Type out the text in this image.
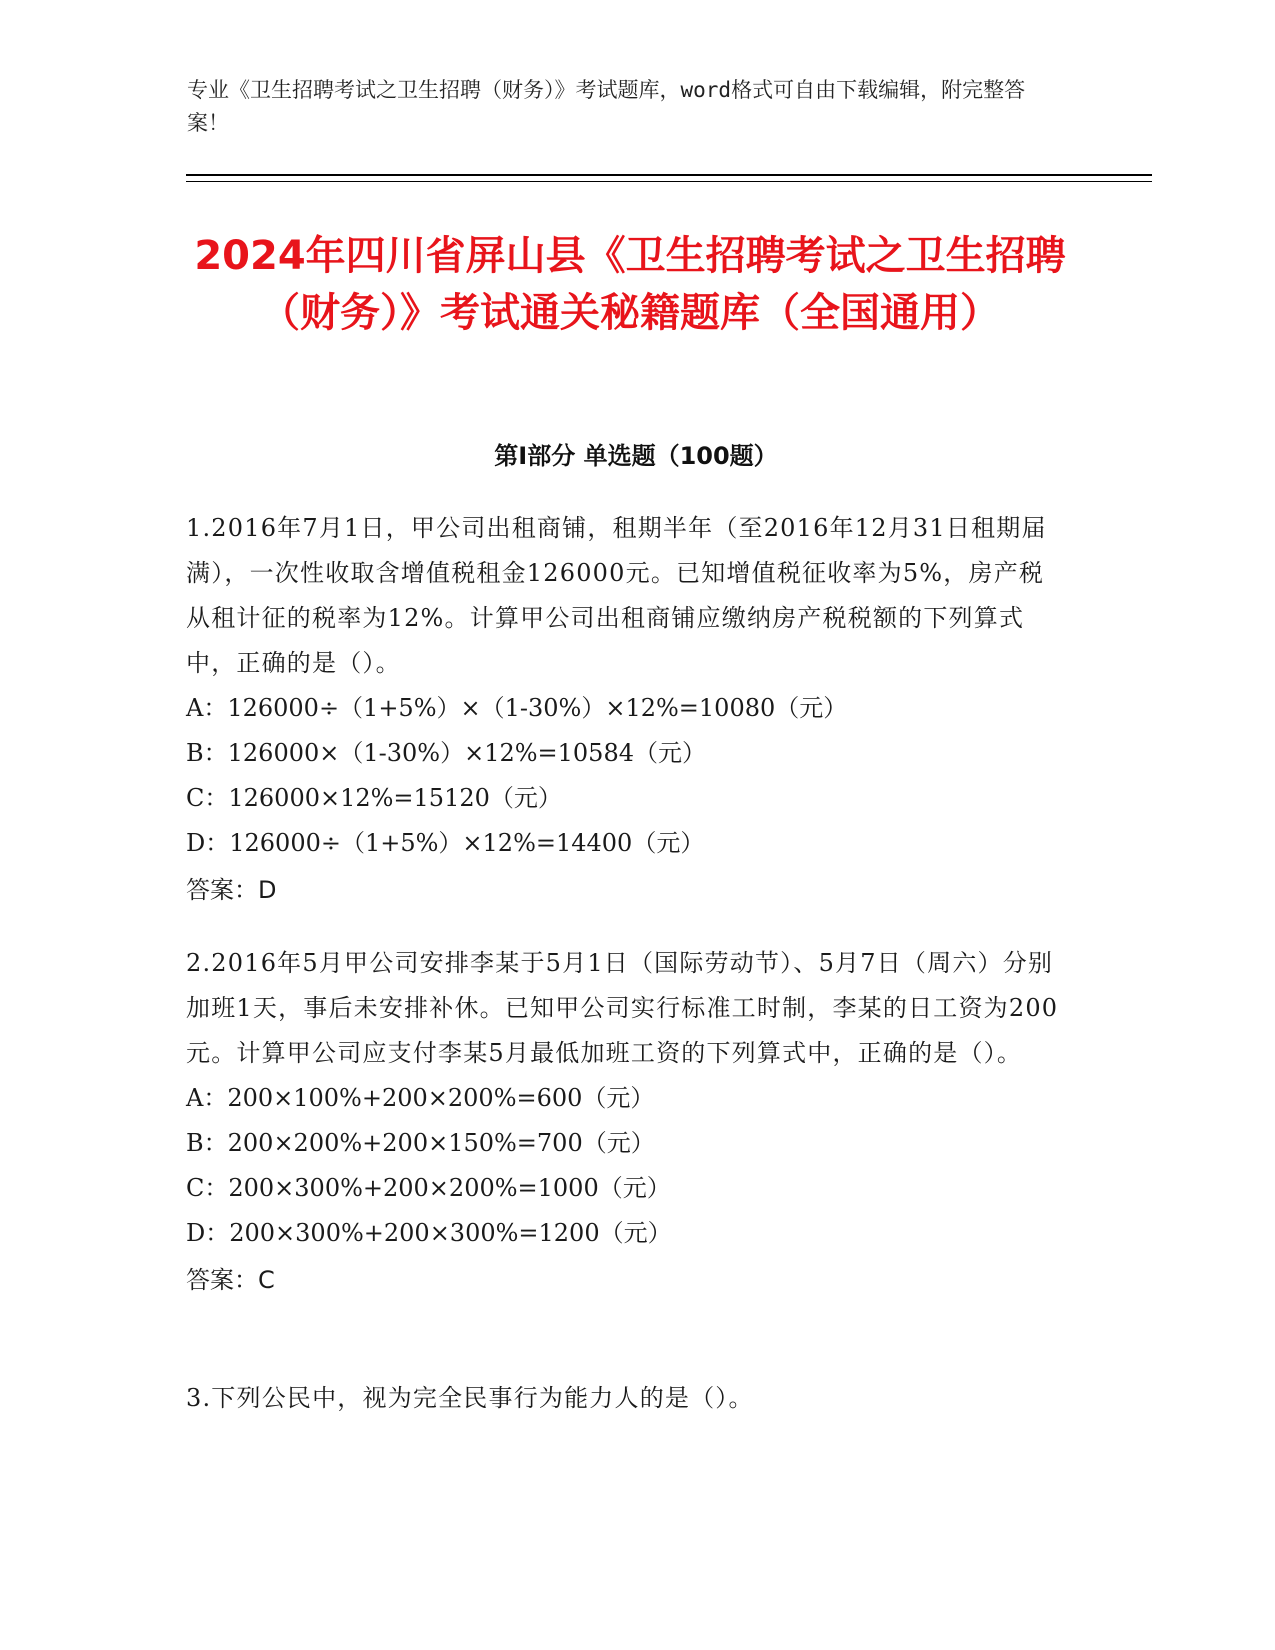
专业《卫生招聘考试之卫生招聘（财务）》考试题库，word格式可自由下载编辑，附完整答案！
2024年四川省屏山县《卫生招聘考试之卫生招聘（财务）》考试通关秘籍题库（全国通用）
第I部分 单选题（100题）
1.2016年7月1日，甲公司出租商铺，租期半年（至2016年12月31日租期届满），一次性收取含增值税租金126000元。已知增值税征收率为5%，房产税从租计征的税率为12%。计算甲公司出租商铺应缴纳房产税税额的下列算式中，正确的是（）。
A：126000÷（1+5%）×（1-30%）×12%=10080（元）
B：126000×（1-30%）×12%=10584（元）
C：126000×12%=15120（元）
D：126000÷（1+5%）×12%=14400（元）
答案：D
2.2016年5月甲公司安排李某于5月1日（国际劳动节）、5月7日（周六）分别加班1天，事后未安排补休。已知甲公司实行标准工时制，李某的日工资为200元。计算甲公司应支付李某5月最低加班工资的下列算式中，正确的是（）。
A：200×100%+200×200%=600（元）
B：200×200%+200×150%=700（元）
C：200×300%+200×200%=1000（元）
D：200×300%+200×300%=1200（元）
答案：C
3.下列公民中，视为完全民事行为能力人的是（）。
